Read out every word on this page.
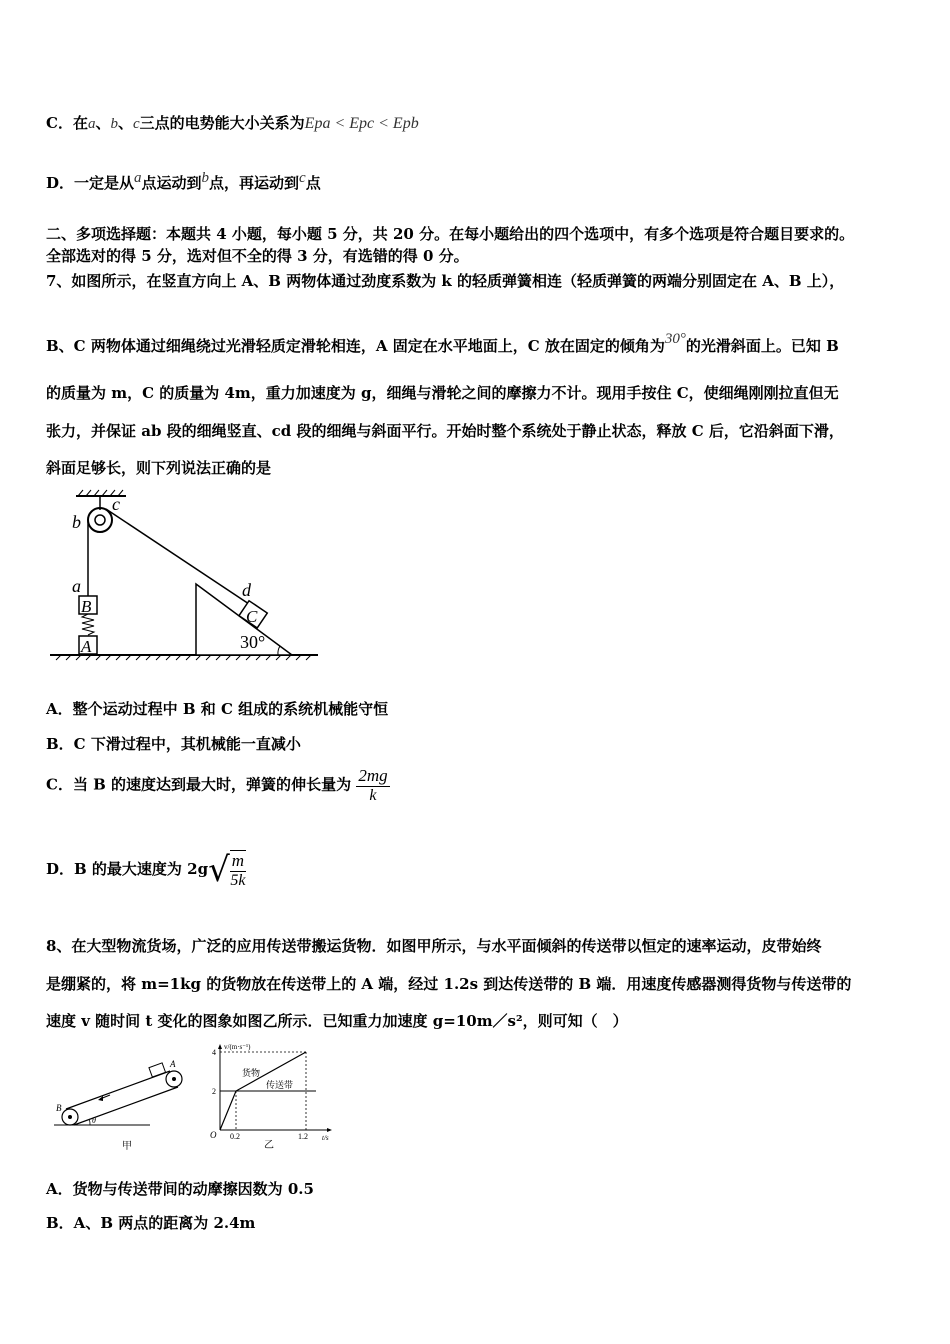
C．在a、b、c三点的电势能大小关系为Epa < Epc < Epb
D．一定是从a点运动到b点，再运动到c点
二、多项选择题：本题共 4 小题，每小题 5 分，共 20 分。在每小题给出的四个选项中，有多个选项是符合题目要求的。
全部选对的得 5 分，选对但不全的得 3 分，有选错的得 0 分。
7、如图所示，在竖直方向上 A、B 两物体通过劲度系数为 k 的轻质弹簧相连（轻质弹簧的两端分别固定在 A、B 上），
B、C 两物体通过细绳绕过光滑轻质定滑轮相连，A 固定在水平地面上，C 放在固定的倾角为30°的光滑斜面上。已知 B
的质量为 m，C 的质量为 4m，重力加速度为 g，细绳与滑轮之间的摩擦力不计。现用手按住 C，使细绳刚刚拉直但无
张力，并保证 ab 段的细绳竖直、cd 段的细绳与斜面平行。开始时整个系统处于静止状态，释放 C 后，它沿斜面下滑，
斜面足够长，则下列说法正确的是
b
c
a
B
A
d
C
30°
A．整个运动过程中 B 和 C 组成的系统机械能守恒
B．C 下滑过程中，其机械能一直减小
C．当 B 的速度达到最大时，弹簧的伸长量为 $\frac{2mg}{k}$
D．B 的最大速度为 $2g√ \frac{m}{5k}$
8、在大型物流货场，广泛的应用传送带搬运货物．如图甲所示，与水平面倾斜的传送带以恒定的速率运动，皮带始终
是绷紧的，将 m=1kg 的货物放在传送带上的 A 端，经过 1.2s 到达传送带的 B 端．用速度传感器测得货物与传送带的
速度 v 随时间 t 变化的图象如图乙所示．已知重力加速度 g=10m／s²，则可知（　）
A
B
θ
甲
v/(m·s⁻¹)
t/s
O
4
2
0.2	1.2
货物
传送带
乙
A．货物与传送带间的动摩擦因数为 0.5
B．A、B 两点的距离为 2.4m
